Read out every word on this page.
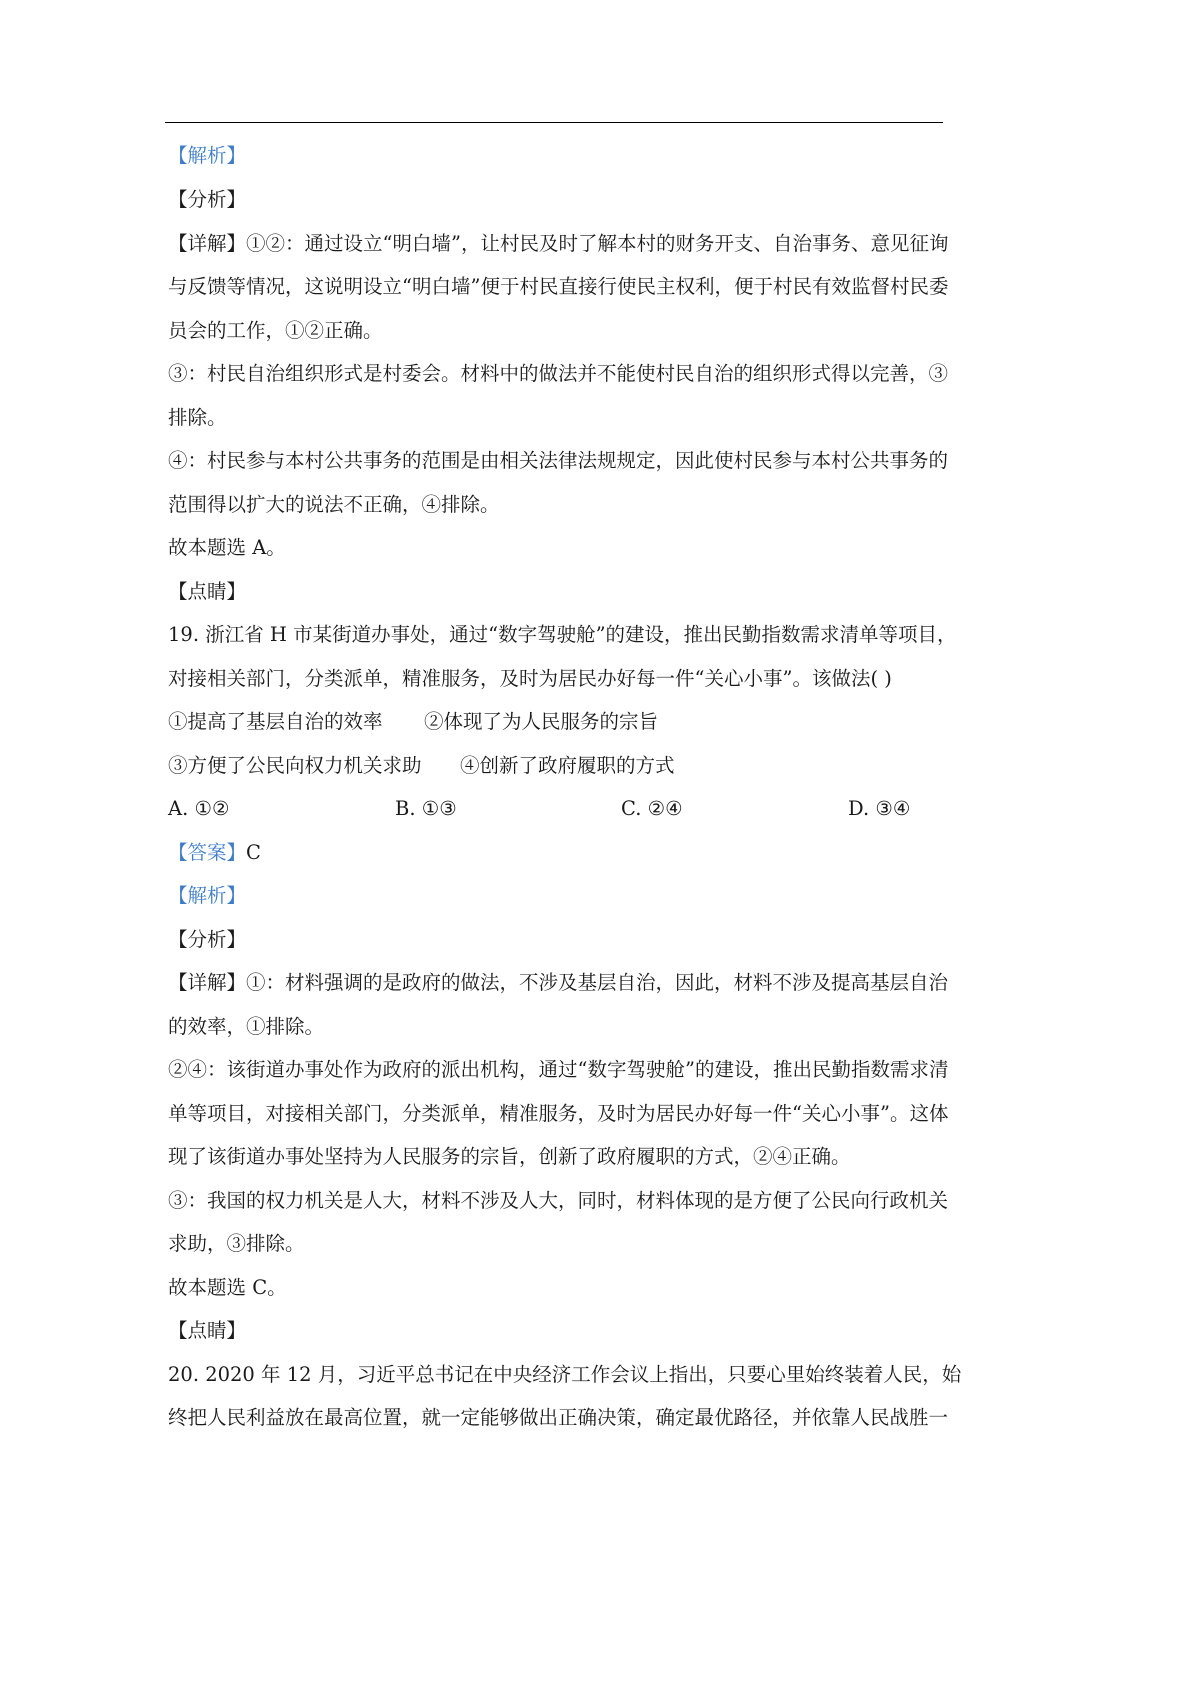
【解析】
【分析】
【详解】①②：通过设立“明白墙”，让村民及时了解本村的财务开支、自治事务、意见征询
与反馈等情况，这说明设立“明白墙”便于村民直接行使民主权利，便于村民有效监督村民委
员会的工作，①②正确。
③：村民自治组织形式是村委会。材料中的做法并不能使村民自治的组织形式得以完善，③
排除。
④：村民参与本村公共事务的范围是由相关法律法规规定，因此使村民参与本村公共事务的
范围得以扩大的说法不正确，④排除。
故本题选 A。
【点睛】
19. 浙江省 H 市某街道办事处，通过“数字驾驶舱”的建设，推出民勤指数需求清单等项目，
对接相关部门，分类派单，精准服务，及时为居民办好每一件“关心小事”。该做法( )
①提高了基层自治的效率 ②体现了为人民服务的宗旨
③方便了公民向权力机关求助 ④创新了政府履职的方式
A. ①②	B. ①③	C. ②④	D. ③④
【答案】C
【解析】
【分析】
【详解】①：材料强调的是政府的做法，不涉及基层自治，因此，材料不涉及提高基层自治
的效率，①排除。
②④：该街道办事处作为政府的派出机构，通过“数字驾驶舱”的建设，推出民勤指数需求清
单等项目，对接相关部门，分类派单，精准服务，及时为居民办好每一件“关心小事”。这体
现了该街道办事处坚持为人民服务的宗旨，创新了政府履职的方式，②④正确。
③：我国的权力机关是人大，材料不涉及人大，同时，材料体现的是方便了公民向行政机关
求助，③排除。
故本题选 C。
【点睛】
20. 2020 年 12 月，习近平总书记在中央经济工作会议上指出，只要心里始终装着人民，始
终把人民利益放在最高位置，就一定能够做出正确决策，确定最优路径，并依靠人民战胜一
